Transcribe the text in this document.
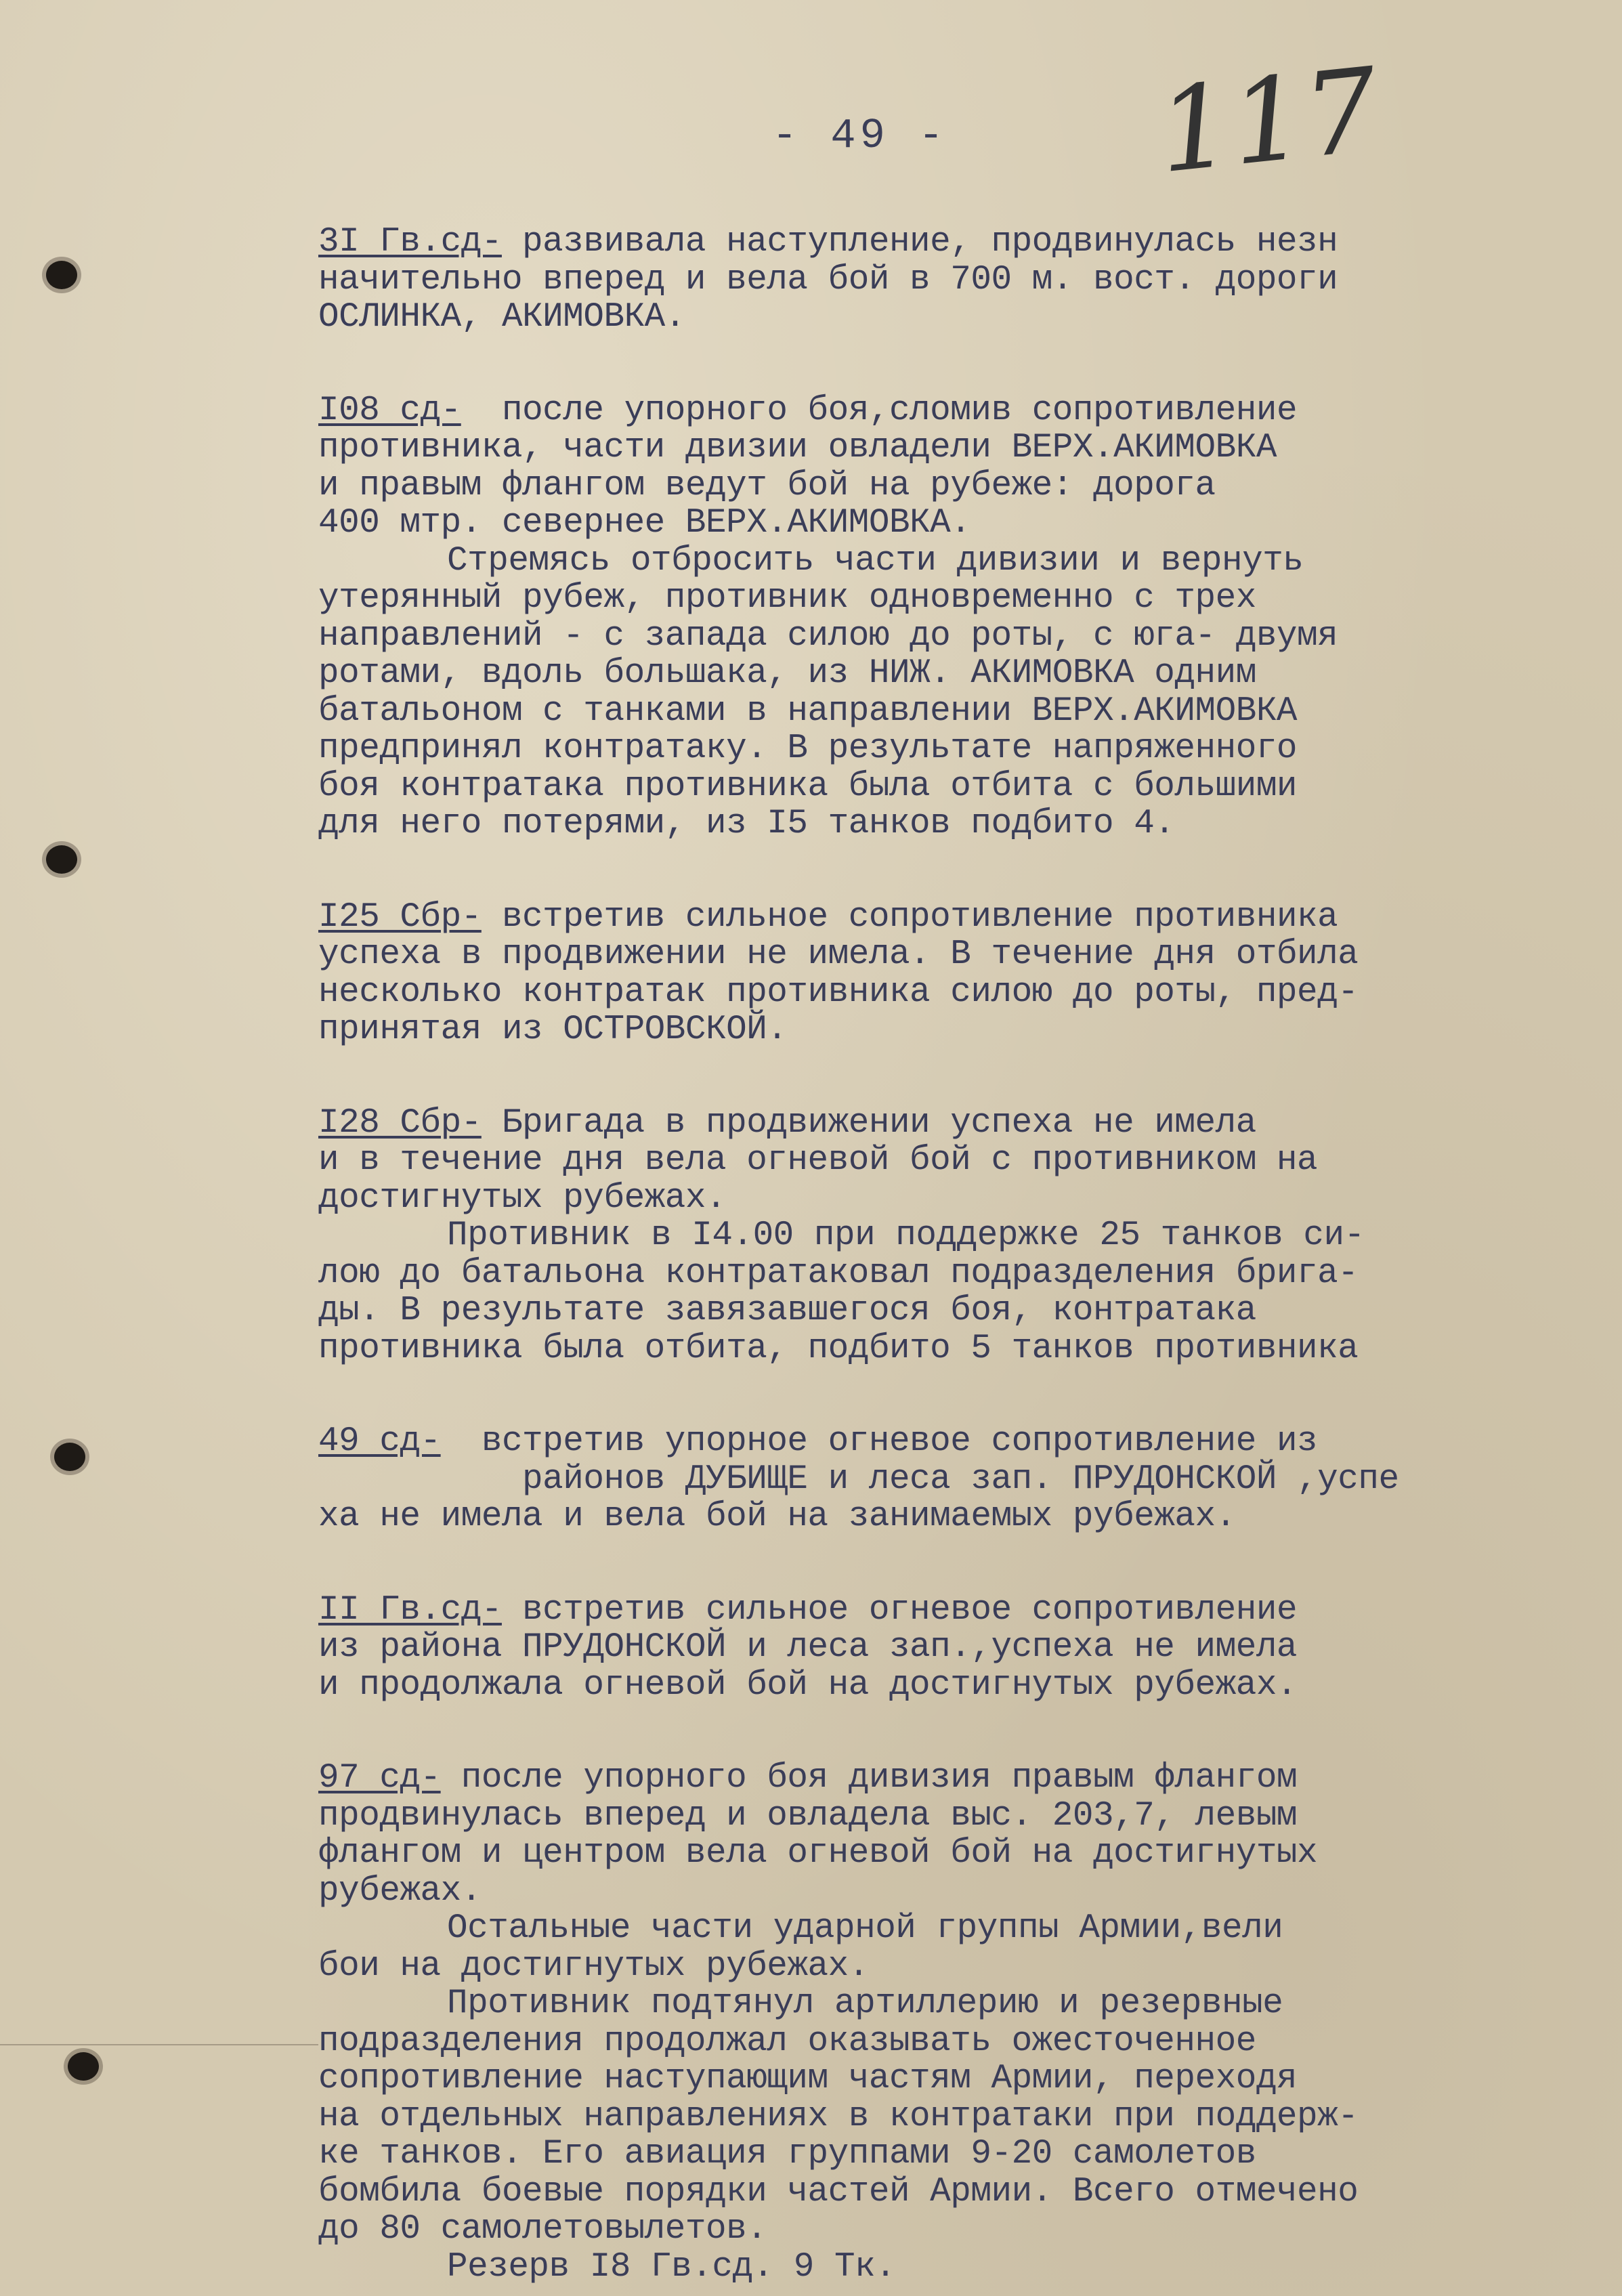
117
- 49 -
3I Гв.сд- развивала наступление, продвинулась незн
начительно вперед и вела бой в 700 м. вост. дороги
ОСЛИНКА, АКИМОВКА.
I08 сд-  после упорного боя,сломив сопротивление
противника, части двизии овладели ВЕРХ.АКИМОВКА
и правым флангом ведут бой на рубеже: дорога
400 мтр. севернее ВЕРХ.АКИМОВКА.
Стремясь отбросить части дивизии и вернуть
утерянный рубеж, противник одновременно с трех
направлений - с запада силою до роты, с юга- двумя
ротами, вдоль большака, из НИЖ. АКИМОВКА одним
батальоном с танками в направлении ВЕРХ.АКИМОВКА
предпринял контратаку. В результате напряженного
боя контратака противника была отбита с большими
для него потерями, из I5 танков подбито 4.
I25 Сбр- встретив сильное сопротивление противника
успеха в продвижении не имела. В течение дня отбила
несколько контратак противника силою до роты, пред-
принятая из ОСТРОВСКОЙ.
I28 Сбр- Бригада в продвижении успеха не имела
и в течение дня вела огневой бой с противником на
достигнутых рубежах.
Противник в I4.00 при поддержке 25 танков си-
лою до батальона контратаковал подразделения брига-
ды. В результате завязавшегося боя, контратака
противника была отбита, подбито 5 танков противника
49 сд-  встретив упорное огневое сопротивление из
районов ДУБИЩЕ и леса зап. ПРУДОНСКОЙ ,успе
ха не имела и вела бой на занимаемых рубежах.
II Гв.сд- встретив сильное огневое сопротивление
из района ПРУДОНСКОЙ и леса зап.,успеха не имела
и продолжала огневой бой на достигнутых рубежах.
97 сд- после упорного боя дивизия правым флангом
продвинулась вперед и овладела выс. 203,7, левым
флангом и центром вела огневой бой на достигнутых
рубежах.
Остальные части ударной группы Армии,вели
бои на достигнутых рубежах.
Противник подтянул артиллерию и резервные
подразделения продолжал оказывать ожесточенное
сопротивление наступающим частям Армии, переходя
на отдельных направлениях в контратаки при поддерж-
ке танков. Его авиация группами 9-20 самолетов
бомбила боевые порядки частей Армии. Всего отмечено
до 80 самолетовылетов.
Резерв I8 Гв.сд. 9 Тк.
